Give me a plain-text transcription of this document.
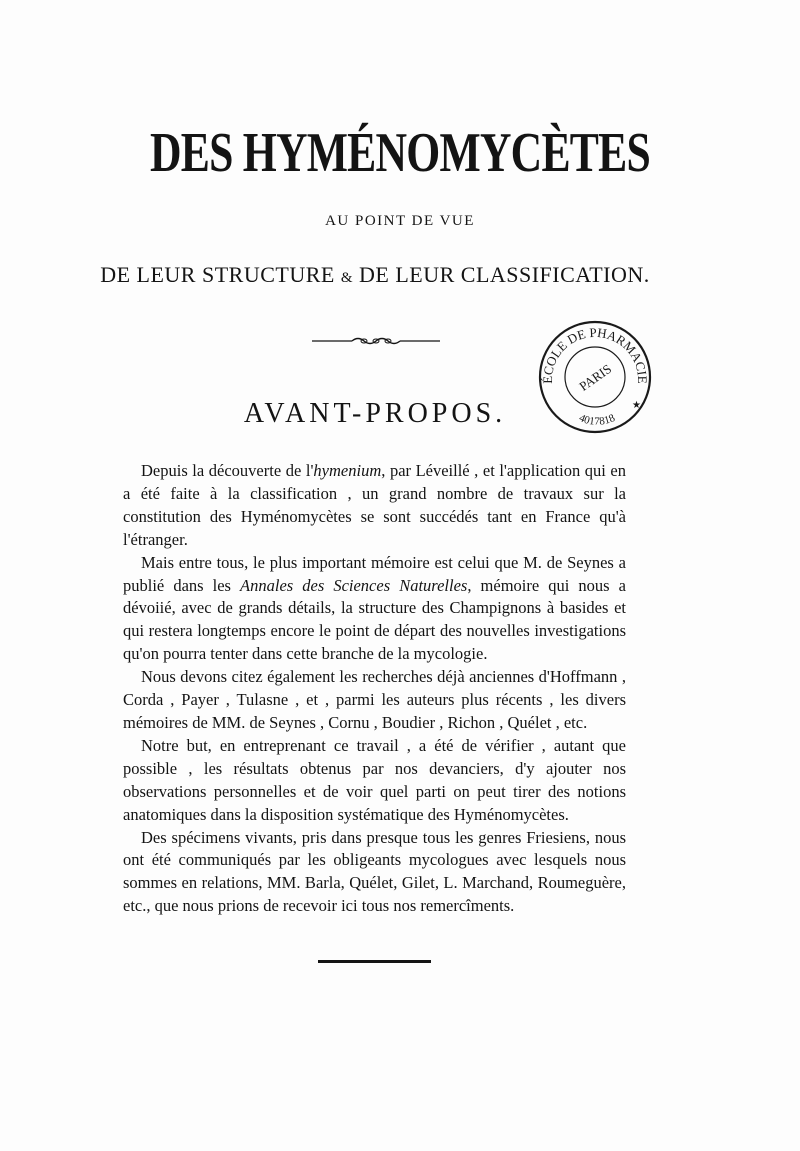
DES HYMÉNOMYCÈTES
AU POINT DE VUE
DE LEUR STRUCTURE & DE LEUR CLASSIFICATION.
ÉCOLE DE PHARMACIE
PARIS
4017818
★
AVANT-PROPOS.

Depuis la découverte de l'hymenium, par Léveillé , et l'application qui en a été faite à la classification , un grand nombre de travaux sur la constitution des Hyménomycètes se sont succédés tant en France qu'à l'étranger.

Mais entre tous, le plus important mémoire est celui que M. de Seynes a publié dans les Annales des Sciences Naturelles, mémoire qui nous a dévoiié, avec de grands détails, la structure des Champignons à basides et qui restera longtemps encore le point de départ des nouvelles investigations qu'on pourra tenter dans cette branche de la mycologie.

Nous devons citez également les recherches déjà anciennes d'Hoffmann , Corda , Payer , Tulasne , et , parmi les auteurs plus récents , les divers mémoires de MM. de Seynes , Cornu , Boudier , Richon , Quélet , etc.

Notre but, en entreprenant ce travail , a été de vérifier , autant que possible , les résultats obtenus par nos devanciers, d'y ajouter nos observations personnelles et de voir quel parti on peut tirer des notions anatomiques dans la disposition systématique des Hyménomycètes.

Des spécimens vivants, pris dans presque tous les genres Friesiens, nous ont été communiqués par les obligeants mycologues avec lesquels nous sommes en relations, MM. Barla, Quélet, Gilet, L. Marchand, Roumeguère, etc., que nous prions de recevoir ici tous nos remercîments.
